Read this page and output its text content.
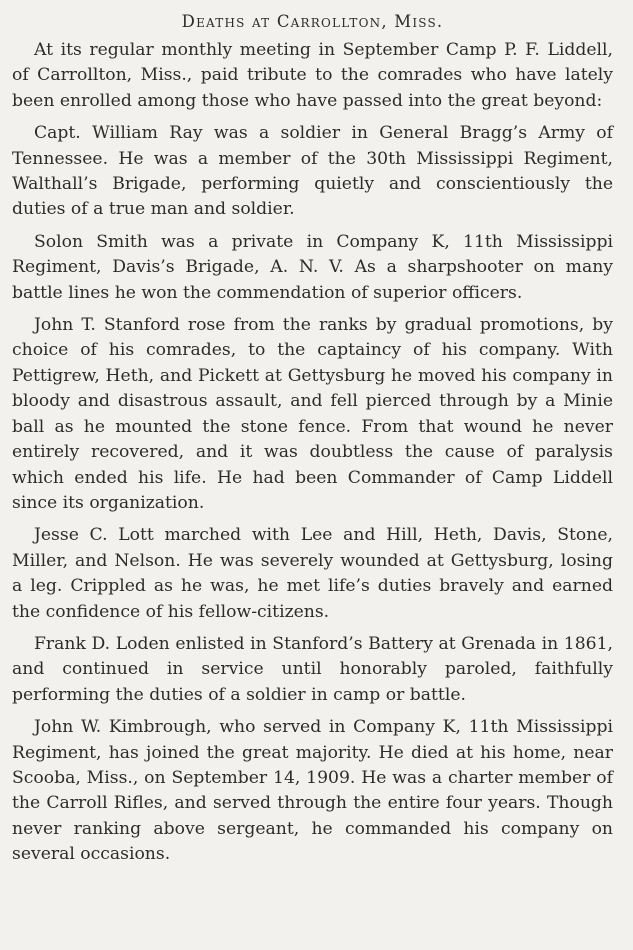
Deaths at Carrollton, Miss.

At its regular monthly meeting in September Camp P. F. Liddell, of Carrollton, Miss., paid tribute to the comrades who have lately been enrolled among those who have passed into the great beyond:

Capt. William Ray was a soldier in General Bragg’s Army of Tennessee. He was a member of the 30th Mississippi Regiment, Walthall’s Brigade, performing quietly and conscientiously the duties of a true man and soldier.

Solon Smith was a private in Company K, 11th Mississippi Regiment, Davis’s Brigade, A. N. V. As a sharpshooter on many battle lines he won the commendation of superior officers.

John T. Stanford rose from the ranks by gradual promotions, by choice of his comrades, to the captaincy of his company. With Pettigrew, Heth, and Pickett at Gettysburg he moved his company in bloody and disastrous assault, and fell pierced through by a Minie ball as he mounted the stone fence. From that wound he never entirely recovered, and it was doubtless the cause of paralysis which ended his life. He had been Commander of Camp Liddell since its organization.

Jesse C. Lott marched with Lee and Hill, Heth, Davis, Stone, Miller, and Nelson. He was severely wounded at Gettysburg, losing a leg. Crippled as he was, he met life’s duties bravely and earned the confidence of his fellow-citizens.

Frank D. Loden enlisted in Stanford’s Battery at Grenada in 1861, and continued in service until honorably paroled, faithfully performing the duties of a soldier in camp or battle.

John W. Kimbrough, who served in Company K, 11th Mississippi Regiment, has joined the great majority. He died at his home, near Scooba, Miss., on September 14, 1909. He was a charter member of the Carroll Rifles, and served through the entire four years. Though never ranking above sergeant, he commanded his company on several occasions.
